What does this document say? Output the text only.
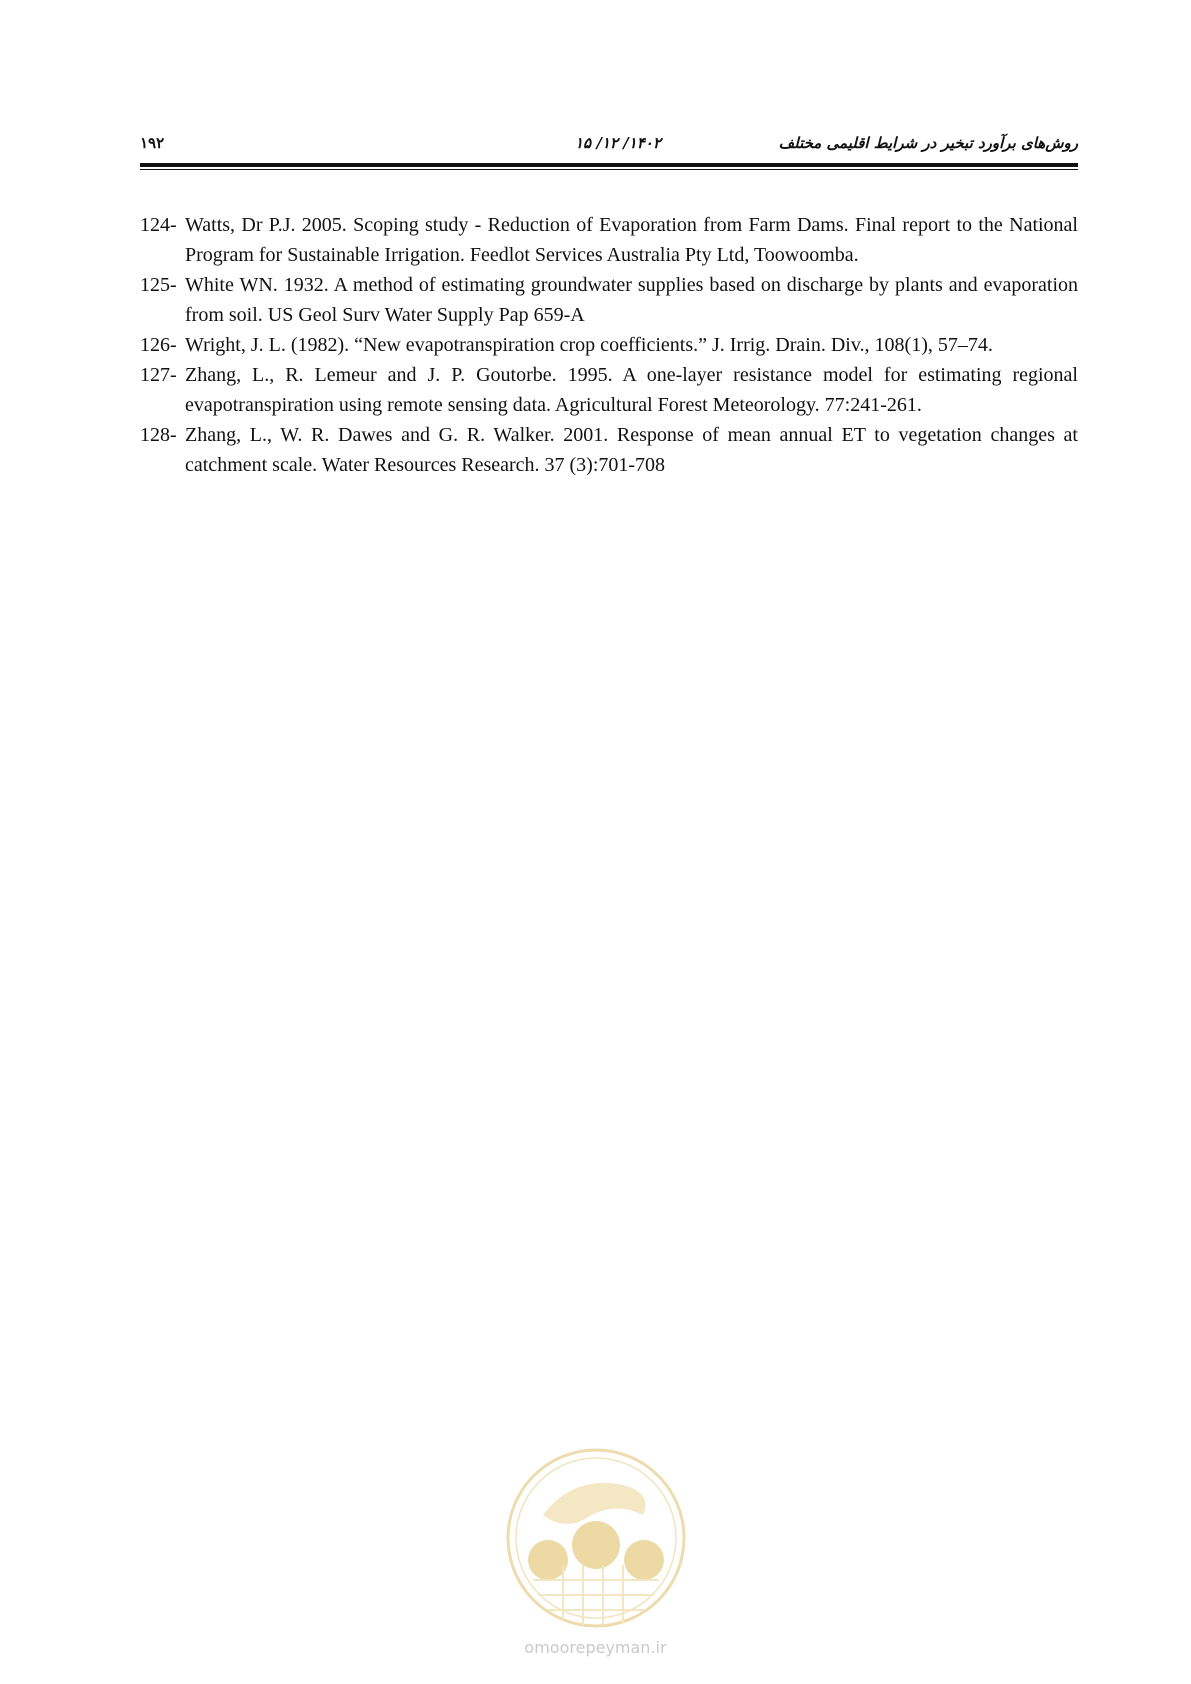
روش‌های برآورد تبخیر در شرایط اقلیمی مختلف
۱۴۰۲/ ۱۲/ ۱۵
۱۹۲
124- Watts, Dr P.J. 2005. Scoping study - Reduction of Evaporation from Farm Dams. Final report to the National Program for Sustainable Irrigation. Feedlot Services Australia Pty Ltd, Toowoomba.
125- White WN. 1932. A method of estimating groundwater supplies based on discharge by plants and evaporation from soil. US Geol Surv Water Supply Pap 659-A
126- Wright, J. L. (1982). “New evapotranspiration crop coefficients.” J. Irrig. Drain. Div., 108(1), 57–74.
127- Zhang, L., R. Lemeur and J. P. Goutorbe. 1995. A one-layer resistance model for estimating regional evapotranspiration using remote sensing data. Agricultural Forest Meteorology. 77:241-261.
128- Zhang, L., W. R. Dawes and G. R. Walker. 2001. Response of mean annual ET to vegetation changes at catchment scale. Water Resources Research. 37 (3):701-708
omoorepeyman.ir
